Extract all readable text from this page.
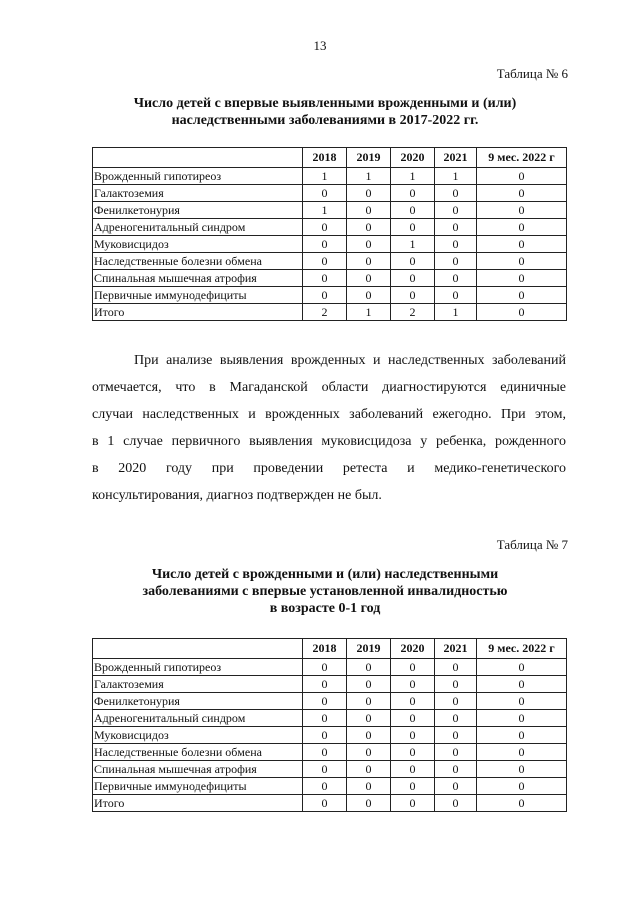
13
Таблица № 6
Число детей с впервые выявленными врожденными и (или)
наследственными заболеваниями в 2017-2022 гг.
	2018	2019	2020	2021	9 мес. 2022 г
Врожденный гипотиреоз	1	1	1	1	0
Галактоземия	0	0	0	0	0
Фенилкетонурия	1	0	0	0	0
Адреногенитальный синдром	0	0	0	0	0
Муковисцидоз	0	0	1	0	0
Наследственные болезни обмена	0	0	0	0	0
Спинальная мышечная атрофия	0	0	0	0	0
Первичные иммунодефициты	0	0	0	0	0
Итого	2	1	2	1	0
При анализе выявления врожденных и наследственных заболеваний
отмечается, что в Магаданской области диагностируются единичные
случаи наследственных и врожденных заболеваний ежегодно. При этом,
в 1 случае первичного выявления муковисцидоза у ребенка, рожденного
в 2020 году при проведении ретеста и медико-генетического
консультирования, диагноз подтвержден не был.
Таблица № 7
Число детей с врожденными и (или) наследственными
заболеваниями с впервые установленной инвалидностью
в возрасте 0-1 год
	2018	2019	2020	2021	9 мес. 2022 г
Врожденный гипотиреоз	0	0	0	0	0
Галактоземия	0	0	0	0	0
Фенилкетонурия	0	0	0	0	0
Адреногенитальный синдром	0	0	0	0	0
Муковисцидоз	0	0	0	0	0
Наследственные болезни обмена	0	0	0	0	0
Спинальная мышечная атрофия	0	0	0	0	0
Первичные иммунодефициты	0	0	0	0	0
Итого	0	0	0	0	0
